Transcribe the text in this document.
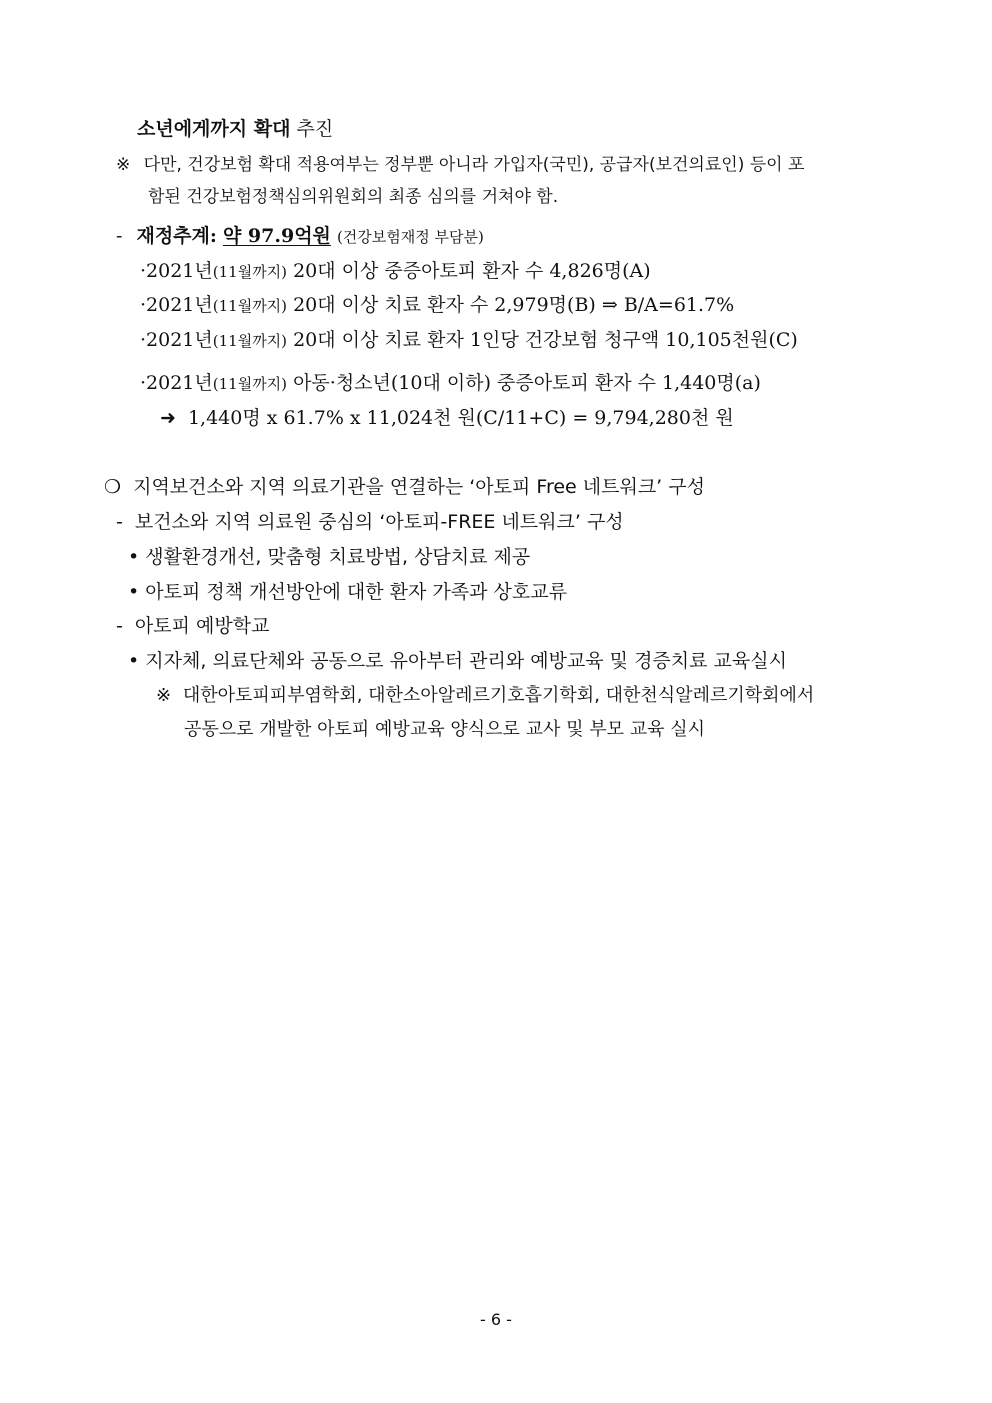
소년에게까지 확대 추진
※ 다만, 건강보험 확대 적용여부는 정부뿐 아니라 가입자(국민), 공급자(보건의료인) 등이 포
함된 건강보험정책심의위원회의 최종 심의를 거쳐야 함.
- 재정추계: 약 97.9억원 (건강보험재정 부담분)
·2021년(11월까지) 20대 이상 중증아토피 환자 수 4,826명(A)
·2021년(11월까지) 20대 이상 치료 환자 수 2,979명(B) ⇒ B/A=61.7%
·2021년(11월까지) 20대 이상 치료 환자 1인당 건강보험 청구액 10,105천원(C)
·2021년(11월까지) 아동·청소년(10대 이하) 중증아토피 환자 수 1,440명(a)
➜ 1,440명 x 61.7% x 11,024천 원(C/11+C) = 9,794,280천 원
❍ 지역보건소와 지역 의료기관을 연결하는 ‘아토피 Free 네트워크’ 구성
- 보건소와 지역 의료원 중심의 ‘아토피-FREE 네트워크’ 구성
• 생활환경개선, 맞춤형 치료방법, 상담치료 제공
• 아토피 정책 개선방안에 대한 환자 가족과 상호교류
- 아토피 예방학교
• 지자체, 의료단체와 공동으로 유아부터 관리와 예방교육 및 경증치료 교육실시
※ 대한아토피피부염학회, 대한소아알레르기호흡기학회, 대한천식알레르기학회에서
공동으로 개발한 아토피 예방교육 양식으로 교사 및 부모 교육 실시
- 6 -
